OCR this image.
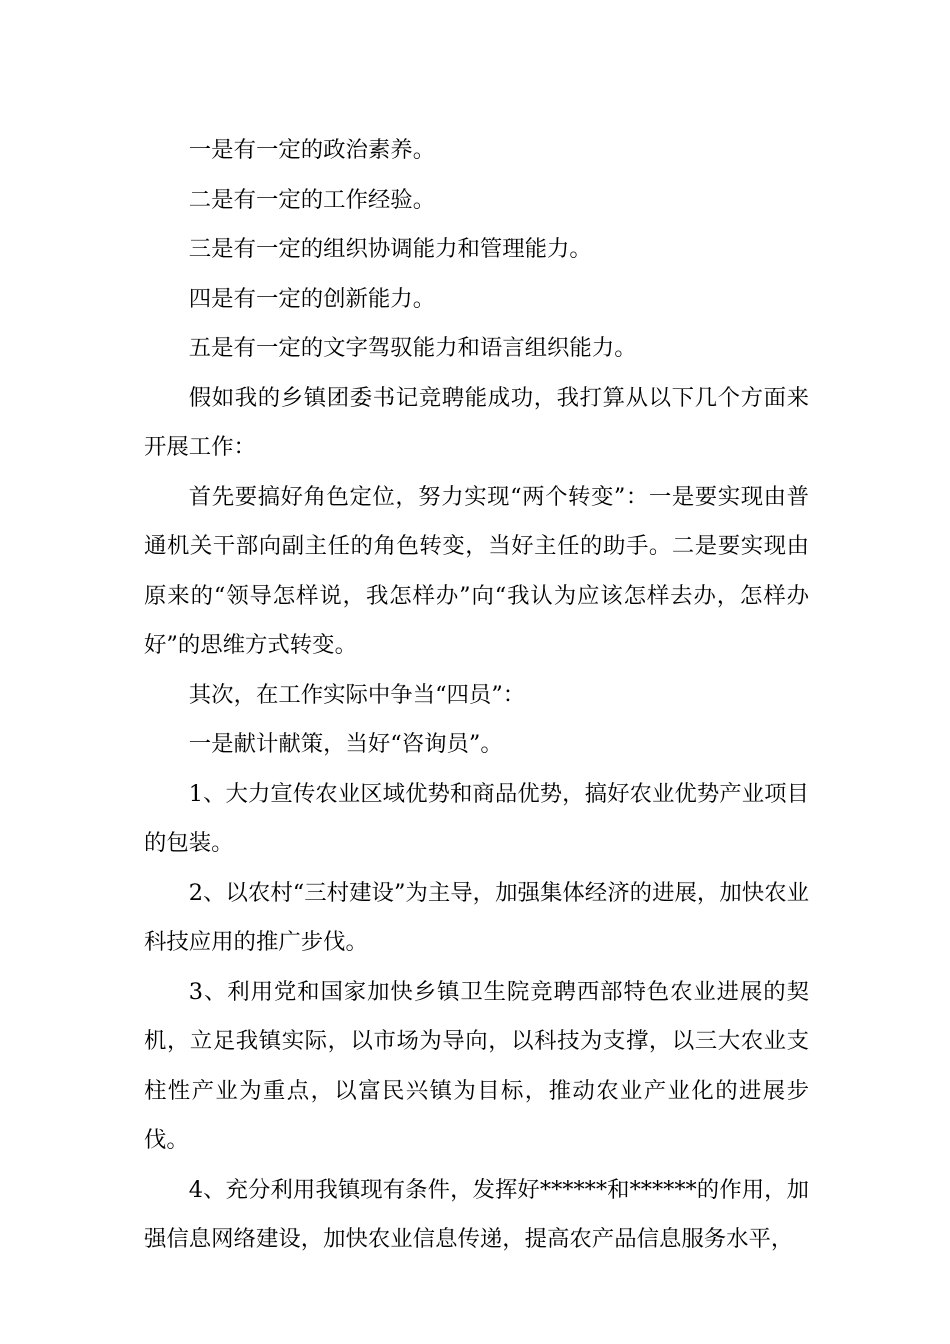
一是有一定的政治素养。

二是有一定的工作经验。

三是有一定的组织协调能力和管理能力。

四是有一定的创新能力。

五是有一定的文字驾驭能力和语言组织能力。

假如我的乡镇团委书记竞聘能成功，我打算从以下几个方面来开展工作：

首先要搞好角色定位，努力实现“两个转变”：一是要实现由普通机关干部向副主任的角色转变，当好主任的助手。二是要实现由原来的“领导怎样说，我怎样办”向“我认为应该怎样去办，怎样办好”的思维方式转变。

其次，在工作实际中争当“四员”：

一是献计献策，当好“咨询员”。

1、大力宣传农业区域优势和商品优势，搞好农业优势产业项目的包装。

2、以农村“三村建设”为主导，加强集体经济的进展，加快农业科技应用的推广步伐。

3、利用党和国家加快乡镇卫生院竞聘西部特色农业进展的契机，立足我镇实际，以市场为导向，以科技为支撑，以三大农业支柱性产业为重点，以富民兴镇为目标，推动农业产业化的进展步伐。

4、充分利用我镇现有条件，发挥好******和******的作用，加强信息网络建设，加快农业信息传递，提高农产品信息服务水平，
